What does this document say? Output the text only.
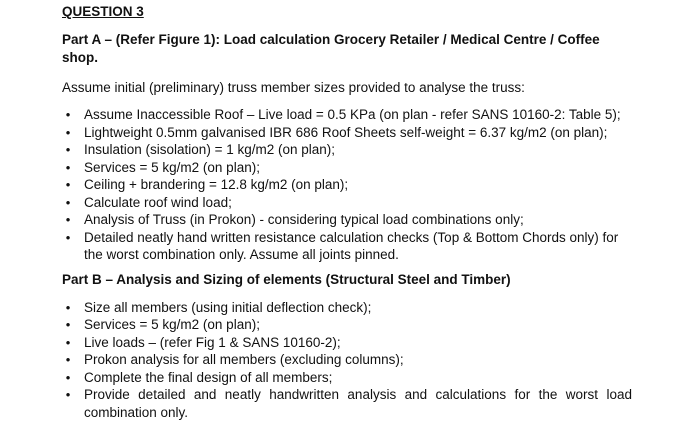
QUESTION 3
Part A – (Refer Figure 1): Load calculation Grocery Retailer / Medical Centre / Coffee shop.
Assume initial (preliminary) truss member sizes provided to analyse the truss:
• Assume Inaccessible Roof – Live load = 0.5 KPa (on plan - refer SANS 10160-2: Table 5);
• Lightweight 0.5mm galvanised IBR 686 Roof Sheets self-weight = 6.37 kg/m2 (on plan);
• Insulation (sisolation) = 1 kg/m2 (on plan);
• Services = 5 kg/m2 (on plan);
• Ceiling + brandering = 12.8 kg/m2 (on plan);
• Calculate roof wind load;
• Analysis of Truss (in Prokon) - considering typical load combinations only;
• Detailed neatly hand written resistance calculation checks (Top & Bottom Chords only) for the worst combination only. Assume all joints pinned.
Part B – Analysis and Sizing of elements (Structural Steel and Timber)
• Size all members (using initial deflection check);
• Services = 5 kg/m2 (on plan);
• Live loads – (refer Fig 1 & SANS 10160-2);
• Prokon analysis for all members (excluding columns);
• Complete the final design of all members;
• Provide detailed and neatly handwritten analysis and calculations for the worst load combination only.
